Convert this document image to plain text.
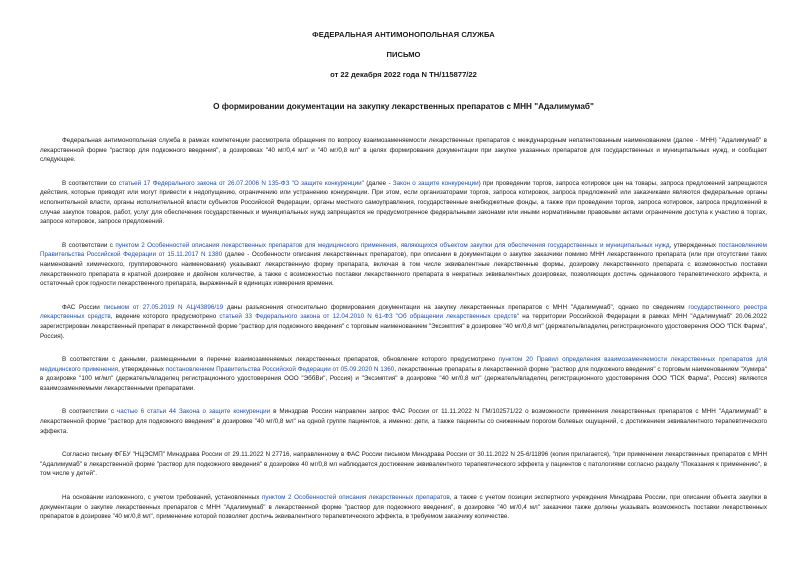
ФЕДЕРАЛЬНАЯ АНТИМОНОПОЛЬНАЯ СЛУЖБА
ПИСЬМО
от 22 декабря 2022 года N ТН/115877/22
О формировании документации на закупку лекарственных препаратов с МНН "Адалимумаб"

Федеральная антимонопольная служба в рамках компетенции рассмотрела обращения по вопросу взаимозаменяемости лекарственных препаратов с международным непатентованным наименованием (далее - МНН) "Адалимумаб" в лекарственной форме "раствор для подкожного введения", в дозировках "40 мг/0,4 мл" и "40 мг/0,8 мл" в целях формирования документации при закупке указанных препаратов для государственных и муниципальных нужд, и сообщает следующее.

В соответствии со статьей 17 Федерального закона от 26.07.2006 N 135-ФЗ "О защите конкуренции" (далее - Закон о защите конкуренции) при проведении торгов, запроса котировок цен на товары, запроса предложений запрещаются действия, которые приводят или могут привести к недопущению, ограничению или устранению конкуренции. При этом, если организаторами торгов, запроса котировок, запроса предложений или заказчиками являются федеральные органы исполнительной власти, органы исполнительной власти субъектов Российской Федерации, органы местного самоуправления, государственные внебюджетные фонды, а также при проведении торгов, запроса котировок, запроса предложений в случае закупок товаров, работ, услуг для обеспечения государственных и муниципальных нужд запрещается не предусмотренное федеральными законами или иными нормативными правовыми актами ограничение доступа к участию в торгах, запросе котировок, запросе предложений.

В соответствии с пунктом 2 Особенностей описания лекарственных препаратов для медицинского применения, являющихся объектом закупки для обеспечения государственных и муниципальных нужд, утвержденных постановлением Правительства Российской Федерации от 15.11.2017 N 1380 (далее - Особенности описания лекарственных препаратов), при описании в документации о закупке заказчики помимо МНН лекарственного препарата (или при отсутствии таких наименований химического, группировочного наименования) указывают лекарственную форму препарата, включая в том числе эквивалентные лекарственные формы, дозировку лекарственного препарата с возможностью поставки лекарственного препарата в кратной дозировке и двойном количестве, а также с возможностью поставки лекарственного препарата в некратных эквивалентных дозировках, позволяющих достичь одинакового терапевтического эффекта, и остаточный срок годности лекарственного препарата, выраженный в единицах измерения времени.

ФАС России письмом от 27.05.2019 N АЦ/43896/19 даны разъяснения относительно формирования документации на закупку лекарственных препаратов с МНН "Адалимумаб", однако по сведениям государственного реестра лекарственных средств, ведение которого предусмотрено статьей 33 Федерального закона от 12.04.2010 N 61-ФЗ "Об обращении лекарственных средств" на территории Российской Федерации в рамках МНН "Адалимумаб" 20.06.2022 зарегистрирован лекарственный препарат в лекарственной форме "раствор для подкожного введения" с торговым наименованием "Эксэмптия" в дозировке "40 мг/0,8 мл" (держатель/владелец регистрационного удостоверения ООО "ПСК Фарма", Россия).

В соответствии с данными, размещенными в перечне взаимозаменяемых лекарственных препаратов, обновление которого предусмотрено пунктом 20 Правил определения взаимозаменяемости лекарственных препаратов для медицинского применения, утвержденных постановлением Правительства Российской Федерации от 05.09.2020 N 1360, лекарственные препараты в лекарственной форме "раствор для подкожного введения" с торговым наименованием "Хумира" в дозировке "100 мг/мл" (держатель/владелец регистрационного удостоверения ООО "ЭббВи", Россия) и "Эксэмптия" в дозировке "40 мг/0,8 мл" (держатель/владелец регистрационного удостоверения ООО "ПСК Фарма", Россия) являются взаимозаменяемыми лекарственными препаратами.

В соответствии с частью 6 статьи 44 Закона о защите конкуренции в Минздрав России направлен запрос ФАС России от 11.11.2022 N ГМ/102571/22 о возможности применения лекарственных препаратов с МНН "Адалимумаб" в лекарственной форме "раствор для подкожного введения" в дозировке "40 мг/0,8 мл" на одной группе пациентов, а именно: дети, а также пациенты со сниженным порогом болевых ощущений, с достижением эквивалентного терапевтического эффекта.

Согласно письму ФГБУ "НЦЭСМП" Минздрава России от 29.11.2022 N 27716, направленному в ФАС России письмом Минздрава России от 30.11.2022 N 25-6/11896 (копия прилагается), "при применении лекарственных препаратов с МНН "Адалимумаб" в лекарственной форме "раствор для подкожного введения" в дозировке 40 мг/0,8 мл наблюдается достижение эквивалентного терапевтического эффекта у пациентов с патологиями согласно разделу "Показания к применению", в том числе у детей".

На основании изложенного, с учетом требований, установленных пунктом 2 Особенностей описания лекарственных препаратов, а также с учетом позиции экспертного учреждения Минздрава России, при описании объекта закупки в документации о закупке лекарственных препаратов с МНН "Адалимумаб" в лекарственной форме "раствор для подкожного введения", в дозировке "40 мг/0,4 мл" заказчики также должны указывать возможность поставки лекарственных препаратов в дозировке "40 мг/0,8 мл", применение которой позволяет достичь эквивалентного терапевтического эффекта, в требуемом заказчику количестве.
